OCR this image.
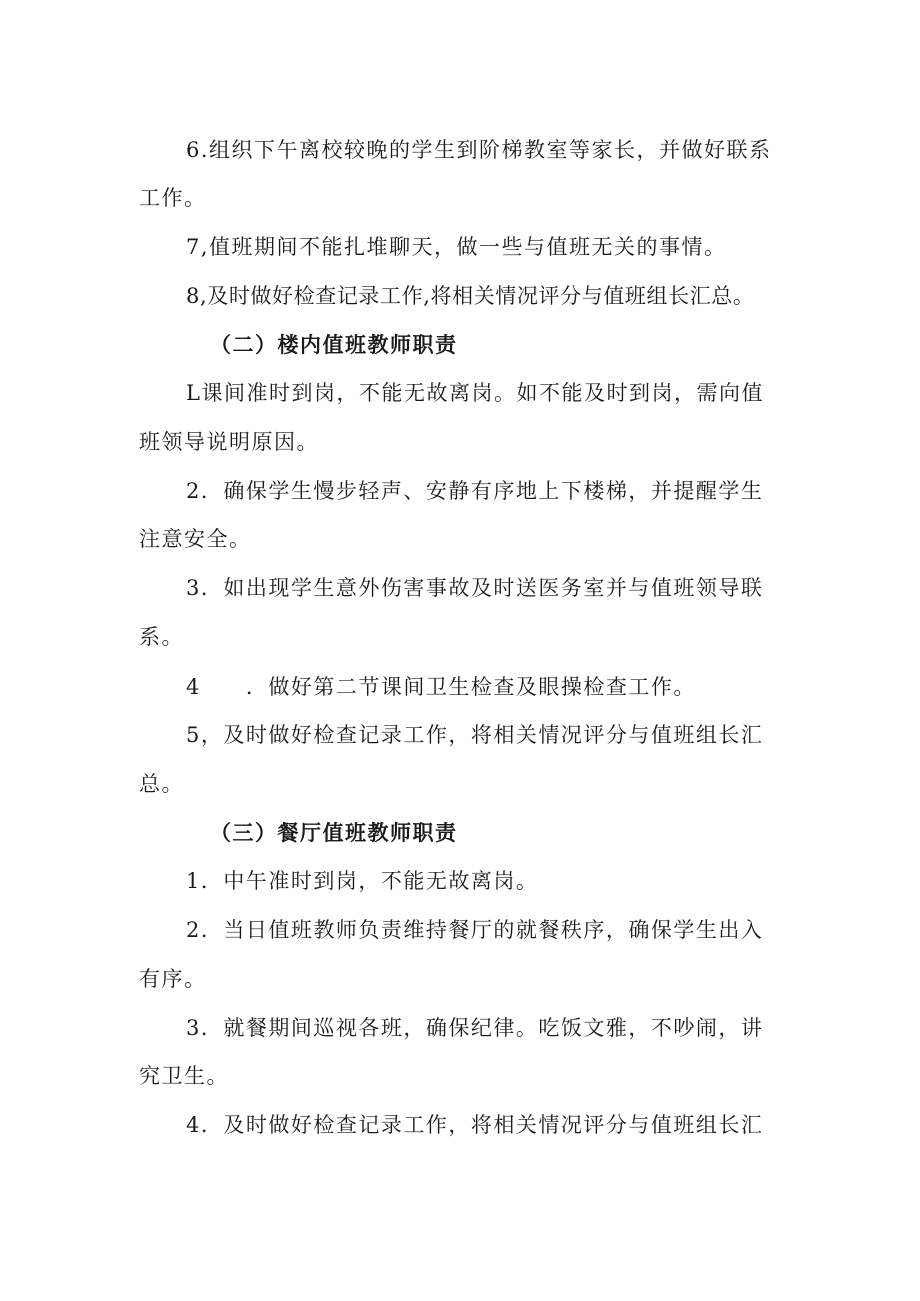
6.组织下午离校较晚的学生到阶梯教室等家长，并做好联系
工作。
7,值班期间不能扎堆聊天，做一些与值班无关的事情。
8,及时做好检查记录工作,将相关情况评分与值班组长汇总。
（二）楼内值班教师职责
L课间准时到岗，不能无故离岗。如不能及时到岗，需向值
班领导说明原因。
2．确保学生慢步轻声、安静有序地上下楼梯，并提醒学生
注意安全。
3．如出现学生意外伤害事故及时送医务室并与值班领导联
系。
4　　．做好第二节课间卫生检查及眼操检查工作。
5，及时做好检查记录工作，将相关情况评分与值班组长汇
总。
（三）餐厅值班教师职责
1．中午准时到岗，不能无故离岗。
2．当日值班教师负责维持餐厅的就餐秩序，确保学生出入
有序。
3．就餐期间巡视各班，确保纪律。吃饭文雅，不吵闹，讲
究卫生。
4．及时做好检查记录工作，将相关情况评分与值班组长汇
